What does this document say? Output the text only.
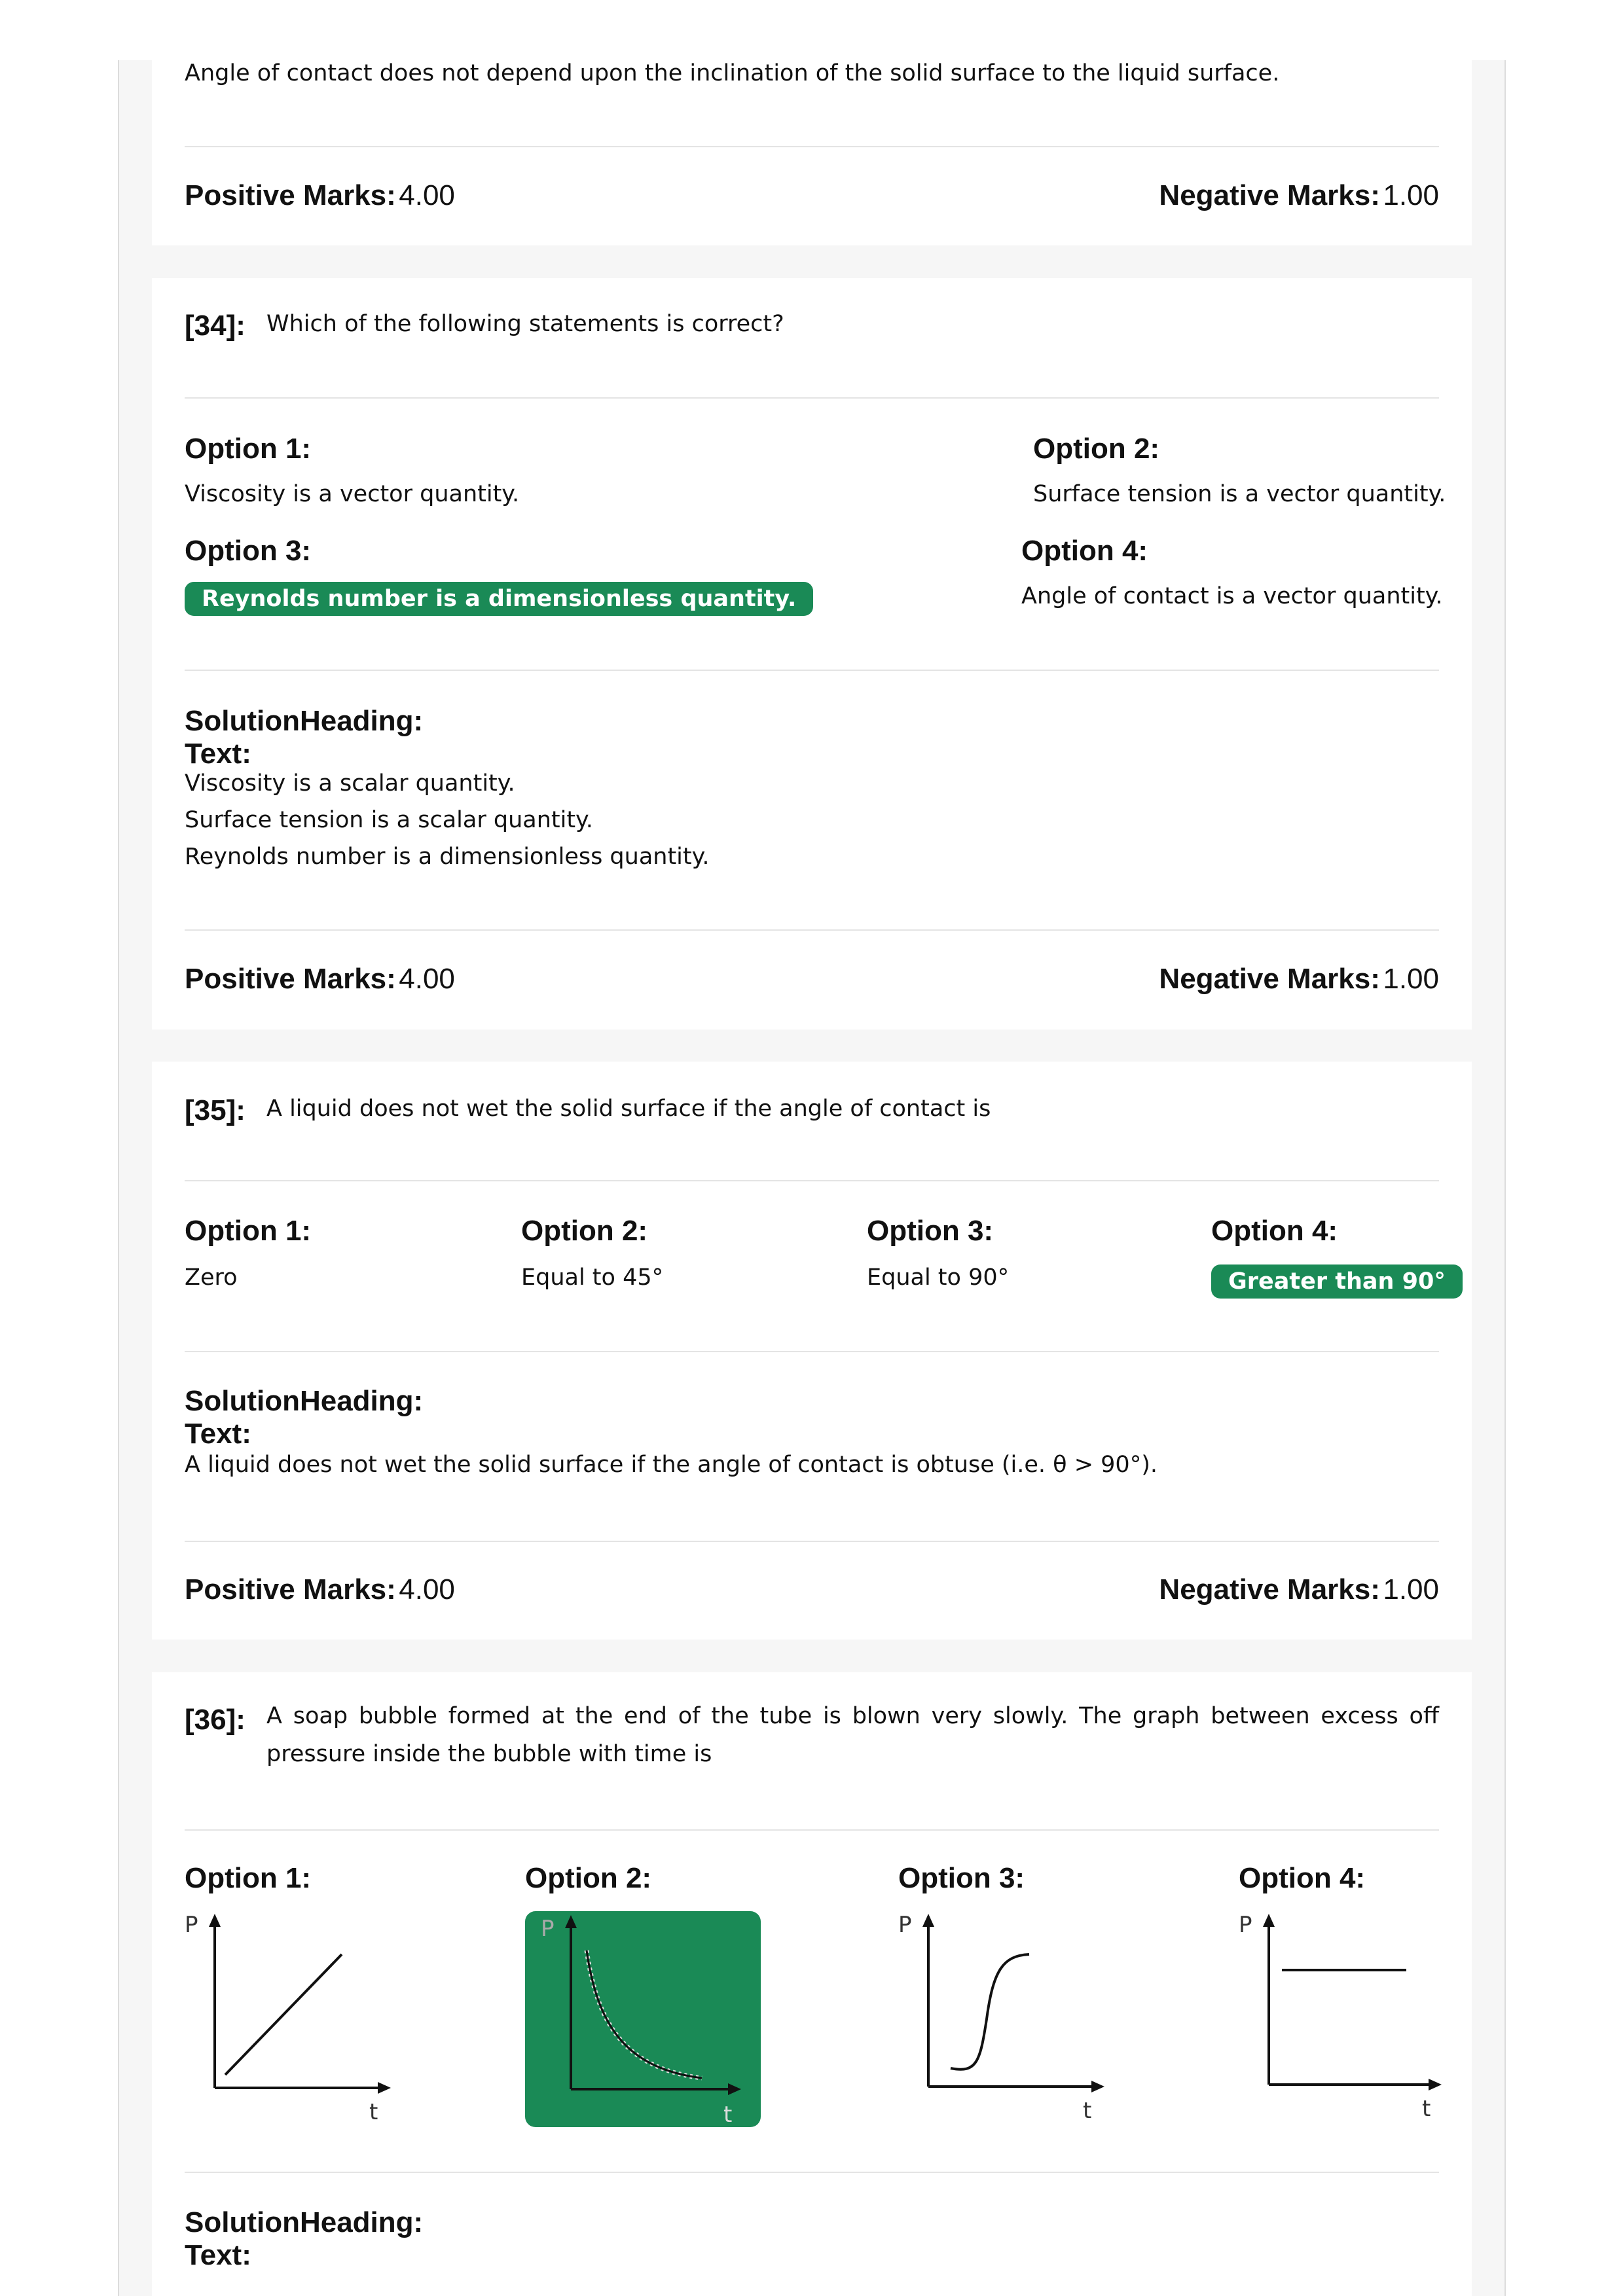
Angle of contact does not depend upon the inclination of the solid surface to the liquid surface.
Positive Marks: 4.00	Negative Marks: 1.00
[34]: Which of the following statements is correct?
Option 1:
Viscosity is a vector quantity.
Option 2:
Surface tension is a vector quantity.
Option 3:
Reynolds number is a dimensionless quantity.
Option 4:
Angle of contact is a vector quantity.
SolutionHeading:
Text:
Viscosity is a scalar quantity.
Surface tension is a scalar quantity.
Reynolds number is a dimensionless quantity.
Positive Marks: 4.00	Negative Marks: 1.00
[35]: A liquid does not wet the solid surface if the angle of contact is
Option 1:
Zero
Option 2:
Equal to 45°
Option 3:
Equal to 90°
Option 4:
Greater than 90°
SolutionHeading:
Text:
A liquid does not wet the solid surface if the angle of contact is obtuse (i.e. θ > 90°).
Positive Marks: 4.00	Negative Marks: 1.00
[36]: A soap bubble formed at the end of the tube is blown very slowly. The graph between excess off pressure inside the bubble with time is
Option 1:	Option 2:	Option 3:	Option 4:
P
t
P
t
P
t
P
t
SolutionHeading:
Text:
